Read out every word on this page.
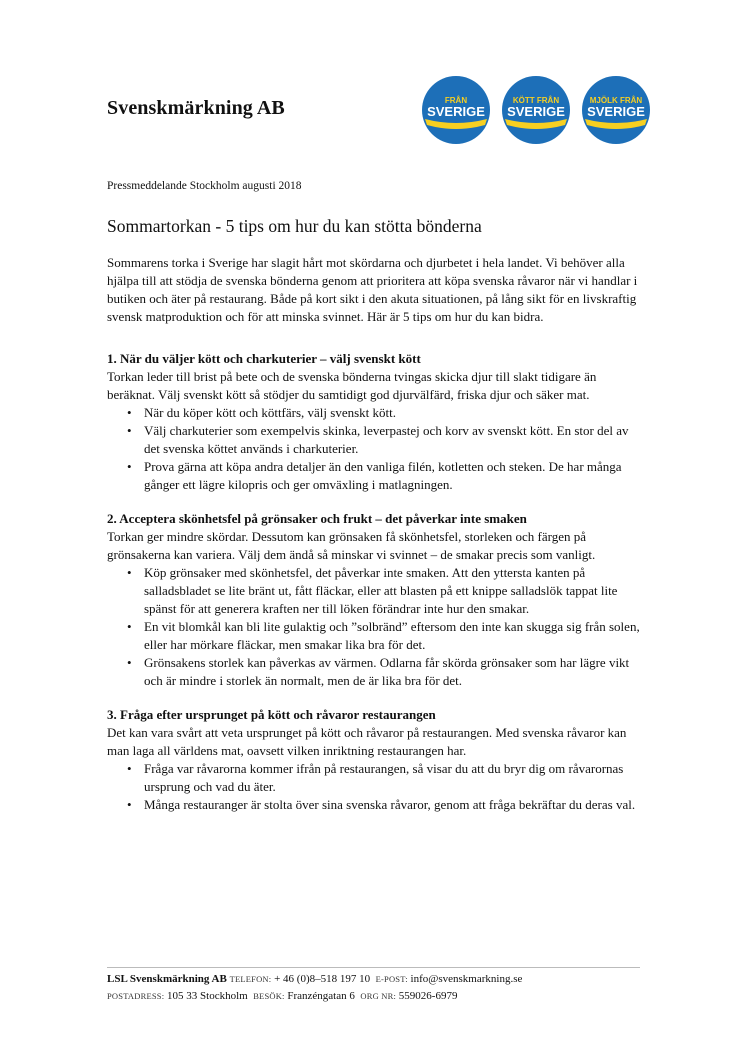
Svenskmärkning AB	FRÅN
SVERIGE
KÖTT FRÅN
SVERIGE
MJÖLK FRÅN
SVERIGE
Pressmeddelande Stockholm augusti 2018
Sommartorkan - 5 tips om hur du kan stötta bönderna

Sommarens torka i Sverige har slagit hårt mot skördarna och djurbetet i hela landet. Vi behöver alla hjälpa till att stödja de svenska bönderna genom att prioritera att köpa svenska råvaror när vi handlar i butiken och äter på restaurang. Både på kort sikt i den akuta situationen, på lång sikt för en livskraftig svensk matproduktion och för att minska svinnet. Här är 5 tips om hur du kan bidra.

1. När du väljer kött och charkuterier – välj svenskt kött

Torkan leder till brist på bete och de svenska bönderna tvingas skicka djur till slakt tidigare än beräknat. Välj svenskt kött så stödjer du samtidigt god djurvälfärd, friska djur och säker mat.

• När du köper kött och köttfärs, välj svenskt kött.
• Välj charkuterier som exempelvis skinka, leverpastej och korv av svenskt kött. En stor del av det svenska köttet används i charkuterier.
• Prova gärna att köpa andra detaljer än den vanliga filén, kotletten och steken. De har många gånger ett lägre kilopris och ger omväxling i matlagningen.

2. Acceptera skönhetsfel på grönsaker och frukt – det påverkar inte smaken

Torkan ger mindre skördar. Dessutom kan grönsaken få skönhetsfel, storleken och färgen på grönsakerna kan variera. Välj dem ändå så minskar vi svinnet – de smakar precis som vanligt.

• Köp grönsaker med skönhetsfel, det påverkar inte smaken. Att den yttersta kanten på salladsbladet se lite bränt ut, fått fläckar, eller att blasten på ett knippe salladslök tappat lite spänst för att generera kraften ner till löken förändrar inte hur den smakar.
• En vit blomkål kan bli lite gulaktig och ”solbränd” eftersom den inte kan skugga sig från solen, eller har mörkare fläckar, men smakar lika bra för det.
• Grönsakens storlek kan påverkas av värmen. Odlarna får skörda grönsaker som har lägre vikt och är mindre i storlek än normalt, men de är lika bra för det.

3. Fråga efter ursprunget på kött och råvaror restaurangen

Det kan vara svårt att veta ursprunget på kött och råvaror på restaurangen. Med svenska råvaror kan man laga all världens mat, oavsett vilken inriktning restaurangen har.

• Fråga var råvarorna kommer ifrån på restaurangen, så visar du att du bryr dig om råvarornas ursprung och vad du äter.
• Många restauranger är stolta över sina svenska råvaror, genom att fråga bekräftar du deras val.
LSL Svenskmärkning AB TELEFON: + 46 (0)8–518 197 10 E-POST: info@svenskmarkning.se
POSTADRESS: 105 33 Stockholm BESÖK: Franzéngatan 6 ORG NR: 559026-6979
